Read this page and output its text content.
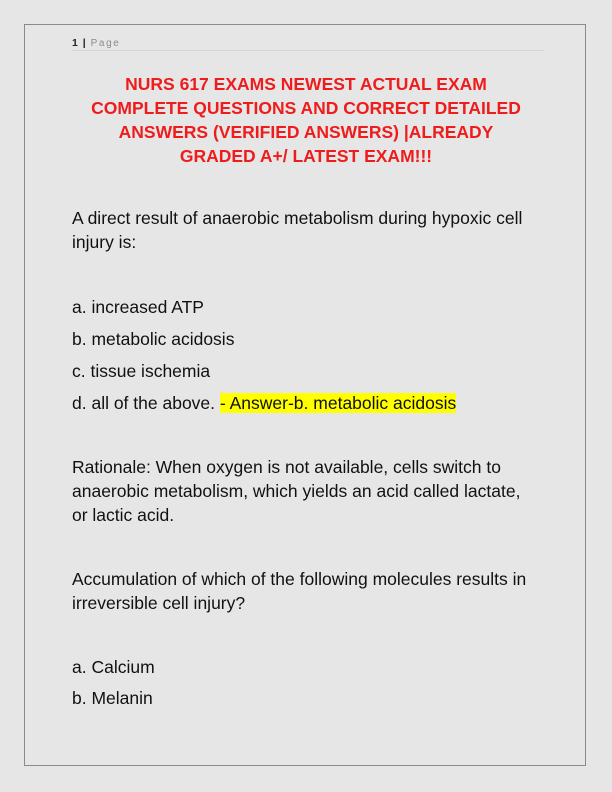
1 | Page
NURS 617 EXAMS NEWEST ACTUAL EXAM
COMPLETE QUESTIONS AND CORRECT DETAILED
ANSWERS (VERIFIED ANSWERS) |ALREADY
GRADED A+/ LATEST EXAM!!!
A direct result of anaerobic metabolism during hypoxic cell
injury is:
a. increased ATP
b. metabolic acidosis
c. tissue ischemia
d. all of the above. - Answer-b. metabolic acidosis
Rationale: When oxygen is not available, cells switch to
anaerobic metabolism, which yields an acid called lactate,
or lactic acid.
Accumulation of which of the following molecules results in
irreversible cell injury?
a. Calcium
b. Melanin
